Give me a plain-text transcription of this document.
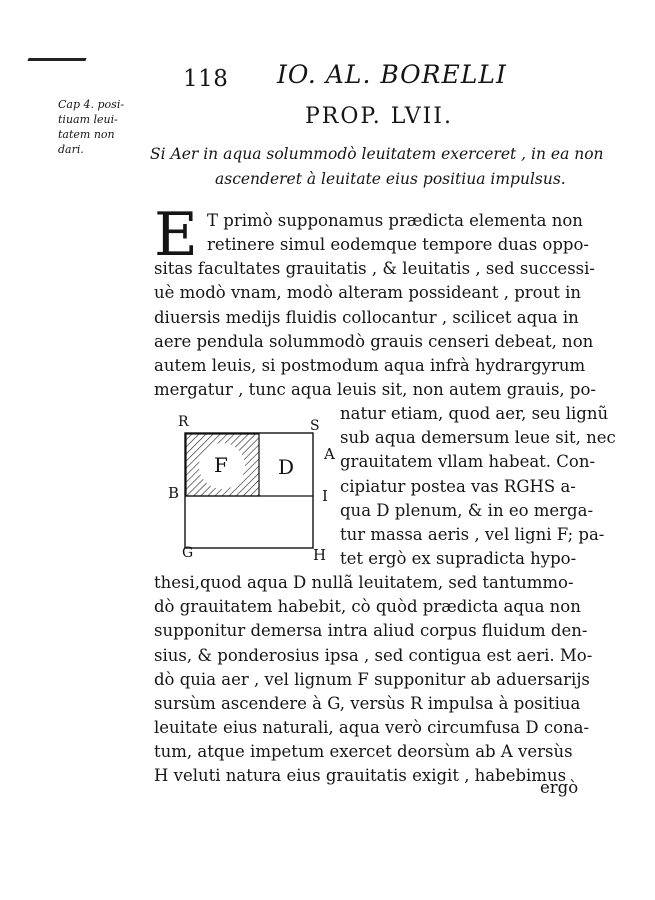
118 IO. AL. BORELLI
PROP. LVII.
Cap 4. posi-
tiuam leui-
tatem non
dari.	Si Aer in aqua solummodò leuitatem exerceret , in ea non
ascenderet à leuitate eius positiua impulsus.
E T primò supponamus prædicta elementa non
retinere simul eodemque tempore duas oppo-
sitas facultates grauitatis , & leuitatis , sed successi-
uè modò vnam, modò alteram possideant , prout in
diuersis medijs fluidis collocantur , scilicet aqua in
aere pendula solummodò grauis censeri debeat, non
autem leuis, si postmodum aqua infrà hydrargyrum
mergatur , tunc aqua leuis sit, non autem grauis, po-
natur etiam, quod aer, seu lignũ
sub aqua demersum leue sit, nec
grauitatem vllam habeat. Con-
cipiatur postea vas RGHS a-
qua D plenum, & in eo merga-
tur massa aeris , vel ligni F; pa-
tet ergò ex supradicta hypo-
thesi,quod aqua D nullã leuitatem, sed tantummo-
dò grauitatem habebit, cò quòd prædicta aqua non
supponitur demersa intra aliud corpus fluidum den-
sius, & ponderosius ipsa , sed contigua est aeri. Mo-
dò quia aer , vel lignum F supponitur ab aduersarijs
sursùm ascendere à G, versùs R impulsa à positiua
leuitate eius naturali, aqua verò circumfusa D cona-
tum, atque impetum exercet deorsùm ab A versùs
H veluti natura eius grauitatis exigit , habebimus
R	S
A
B	I
G	H
F	D
ergò
